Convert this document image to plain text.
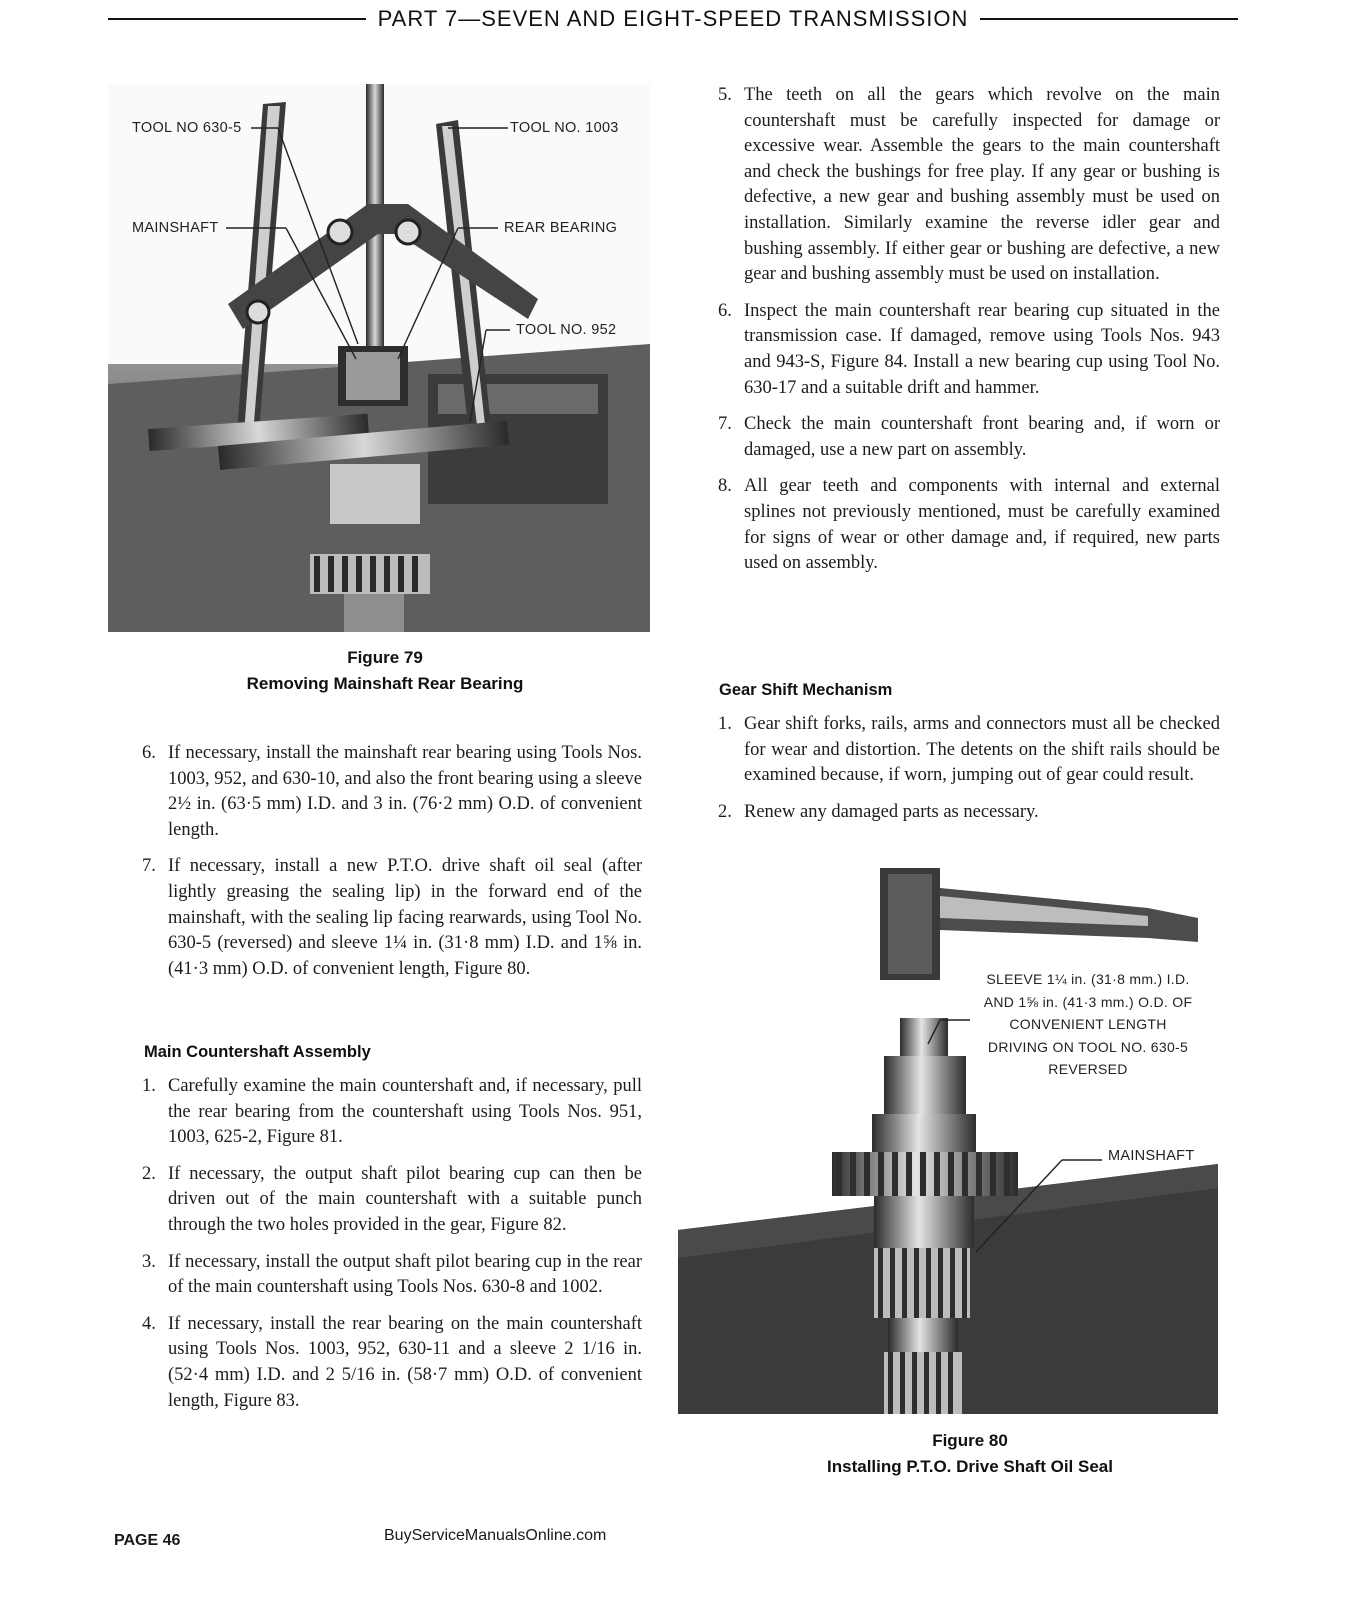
PART 7—SEVEN AND EIGHT-SPEED TRANSMISSION
TOOL NO 630-5	TOOL NO. 1003
MAINSHAFT	REAR BEARING
TOOL NO. 952
Figure 79
Removing Mainshaft Rear Bearing
6. If necessary, install the mainshaft rear bearing using Tools Nos. 1003, 952, and 630-10, and also the front bearing using a sleeve 2½ in. (63·5 mm) I.D. and 3 in. (76·2 mm) O.D. of convenient length.
7. If necessary, install a new P.T.O. drive shaft oil seal (after lightly greasing the sealing lip) in the forward end of the mainshaft, with the sealing lip facing rearwards, using Tool No. 630-5 (reversed) and sleeve 1¼ in. (31·8 mm) I.D. and 1⅝ in. (41·3 mm) O.D. of convenient length, Figure 80.
Main Countershaft Assembly
1. Carefully examine the main countershaft and, if necessary, pull the rear bearing from the countershaft using Tools Nos. 951, 1003, 625-2, Figure 81.
2. If necessary, the output shaft pilot bearing cup can then be driven out of the main countershaft with a suitable punch through the two holes provided in the gear, Figure 82.
3. If necessary, install the output shaft pilot bearing cup in the rear of the main countershaft using Tools Nos. 630-8 and 1002.
4. If necessary, install the rear bearing on the main countershaft using Tools Nos. 1003, 952, 630-11 and a sleeve 2 1/16 in. (52·4 mm) I.D. and 2 5/16 in. (58·7 mm) O.D. of convenient length, Figure 83.
5. The teeth on all the gears which revolve on the main countershaft must be carefully inspected for damage or excessive wear. Assemble the gears to the main countershaft and check the bushings for free play. If any gear or bushing is defective, a new gear and bushing assembly must be used on installation. Similarly examine the reverse idler gear and bushing assembly. If either gear or bushing are defective, a new gear and bushing assembly must be used on installation.
6. Inspect the main countershaft rear bearing cup situated in the transmission case. If damaged, remove using Tools Nos. 943 and 943-S, Figure 84. Install a new bearing cup using Tool No. 630-17 and a suitable drift and hammer.
7. Check the main countershaft front bearing and, if worn or damaged, use a new part on assembly.
8. All gear teeth and components with internal and external splines not previously mentioned, must be carefully examined for signs of wear or other damage and, if required, new parts used on assembly.
Gear Shift Mechanism
1. Gear shift forks, rails, arms and connectors must all be checked for wear and distortion. The detents on the shift rails should be examined because, if worn, jumping out of gear could result.
2. Renew any damaged parts as necessary.
SLEEVE 1¼ in. (31·8 mm.) I.D.
AND 1⅝ in. (41·3 mm.) O.D. OF
CONVENIENT LENGTH
DRIVING ON TOOL NO. 630-5
REVERSED
MAINSHAFT
Figure 80
Installing P.T.O. Drive Shaft Oil Seal
PAGE 46	BuyServiceManualsOnline.com
